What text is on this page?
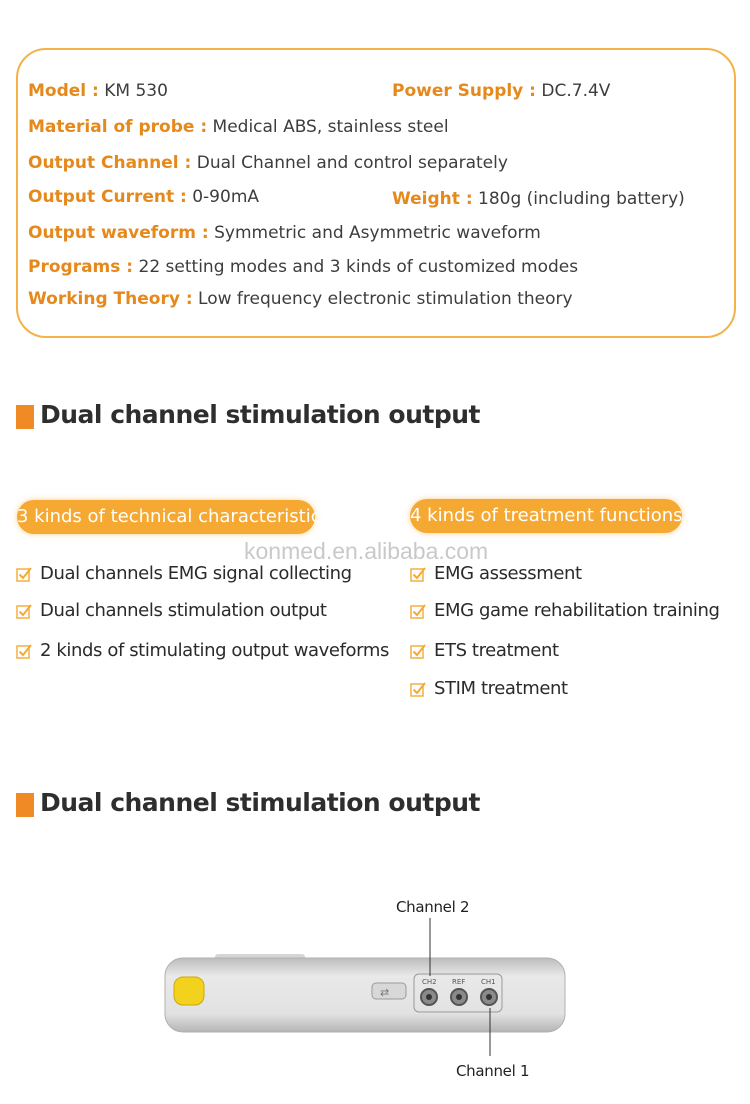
Model : KM 530	Power Supply : DC.7.4V
Material of probe : Medical ABS, stainless steel
Output Channel : Dual Channel and control separately
Output Current : 0-90mA	Weight : 180g (including battery)
Output waveform : Symmetric and Asymmetric waveform
Programs : 22 setting modes and 3 kinds of customized modes
Working Theory : Low frequency electronic stimulation theory
Dual channel stimulation output
3 kinds of technical characteristics	4 kinds of treatment functions
konmed.en.alibaba.com
Dual channels EMG signal collecting
Dual channels stimulation output
2 kinds of stimulating output waveforms
EMG assessment
EMG game rehabilitation training
ETS treatment
STIM treatment
Dual channel stimulation output
Channel 2
Channel 1
⇄
CH2 REF CH1
